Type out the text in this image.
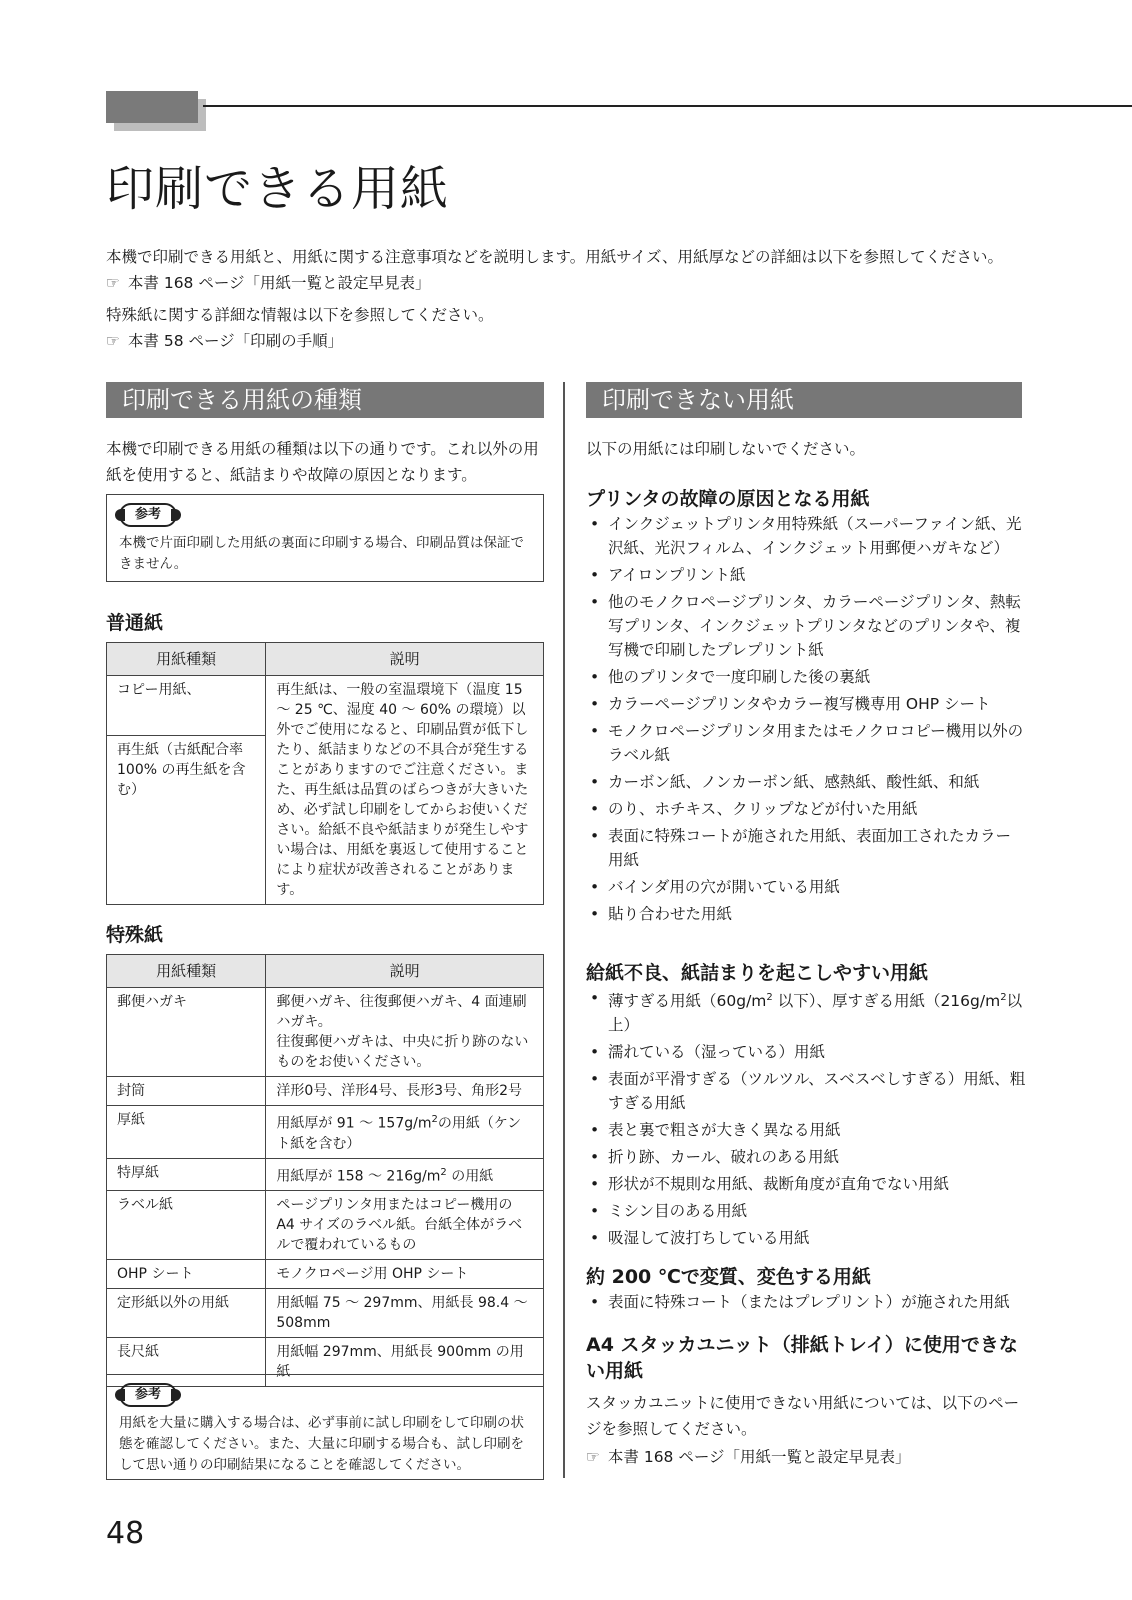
印刷できる用紙

本機で印刷できる用紙と、用紙に関する注意事項などを説明します。用紙サイズ、用紙厚などの詳細は以下を参照してください。

☞ 本書 168 ページ「用紙一覧と設定早見表」

特殊紙に関する詳細な情報は以下を参照してください。

☞ 本書 58 ページ「印刷の手順」

印刷できる用紙の種類
本機で印刷できる用紙の種類は以下の通りです。これ以外の用紙を使用すると、紙詰まりや故障の原因となります。
参考
本機で片面印刷した用紙の裏面に印刷する場合、印刷品質は保証できません。
普通紙
用紙種類	説明
コピー用紙、	再生紙は、一般の室温環境下（温度 15 〜 25 ℃、湿度 40 〜 60% の環境）以外でご使用になると、印刷品質が低下したり、紙詰まりなどの不具合が発生することがありますのでご注意ください。また、再生紙は品質のばらつきが大きいため、必ず試し印刷をしてからお使いください。給紙不良や紙詰まりが発生しやすい場合は、用紙を裏返して使用することにより症状が改善されることがあります。
再生紙（古紙配合率 100% の再生紙を含む）	
特殊紙
用紙種類	説明
郵便ハガキ	郵便ハガキ、往復郵便ハガキ、4 面連刷ハガキ。

往復郵便ハガキは、中央に折り跡のないものをお使いください。

封筒	洋形0号、洋形4号、長形3号、角形2号
厚紙	用紙厚が 91 〜 $157g/m^2$の用紙（ケント紙を含む）
特厚紙	用紙厚が 158 〜 $216g/m^2$ の用紙
ラベル紙	ページプリンタ用またはコピー機用の A4 サイズのラベル紙。台紙全体がラベルで覆われているもの
OHP シート	モノクロページ用 OHP シート
定形紙以外の用紙	用紙幅 75 〜 297mm、用紙長 98.4 〜 508mm
長尺紙	用紙幅 297mm、用紙長 900mm の用紙
参考
用紙を大量に購入する場合は、必ず事前に試し印刷をして印刷の状態を確認してください。また、大量に印刷する場合も、試し印刷をして思い通りの印刷結果になることを確認してください。
印刷できない用紙
以下の用紙には印刷しないでください。
プリンタの故障の原因となる用紙
• インクジェットプリンタ用特殊紙（スーパーファイン紙、光沢紙、光沢フィルム、インクジェット用郵便ハガキなど）
• アイロンプリント紙
• 他のモノクロページプリンタ、カラーページプリンタ、熱転写プリンタ、インクジェットプリンタなどのプリンタや、複写機で印刷したプレプリント紙
• 他のプリンタで一度印刷した後の裏紙
• カラーページプリンタやカラー複写機専用 OHP シート
• モノクロページプリンタ用またはモノクロコピー機用以外のラベル紙
• カーボン紙、ノンカーボン紙、感熱紙、酸性紙、和紙
• のり、ホチキス、クリップなどが付いた用紙
• 表面に特殊コートが施された用紙、表面加工されたカラー用紙
• バインダ用の穴が開いている用紙
• 貼り合わせた用紙
給紙不良、紙詰まりを起こしやすい用紙
• 薄すぎる用紙（$60g/m^2$ 以下）、厚すぎる用紙（$216g/m^2$以上）
• 濡れている（湿っている）用紙
• 表面が平滑すぎる（ツルツル、スベスベしすぎる）用紙、粗すぎる用紙
• 表と裏で粗さが大きく異なる用紙
• 折り跡、カール、破れのある用紙
• 形状が不規則な用紙、裁断角度が直角でない用紙
• ミシン目のある用紙
• 吸湿して波打ちしている用紙
約 200 ℃で変質、変色する用紙
• 表面に特殊コート（またはプレプリント）が施された用紙
A4 スタッカユニット（排紙トレイ）に使用できない用紙
スタッカユニットに使用できない用紙については、以下のページを参照してください。
☞ 本書 168 ページ「用紙一覧と設定早見表」
48
